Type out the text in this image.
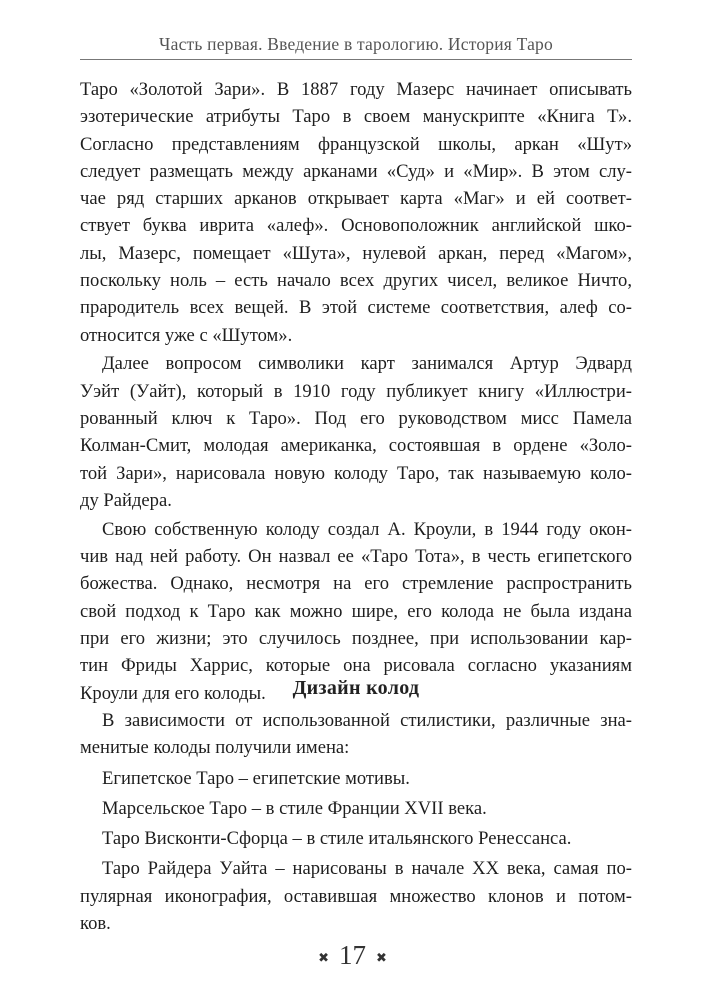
Часть первая. Введение в тарологию. История Таро
Таро «Золотой Зари». В 1887 году Мазерс начинает описывать
эзотерические атрибуты Таро в своем манускрипте «Книга Т».
Согласно представлениям французской школы, аркан «Шут»
следует размещать между арканами «Суд» и «Мир». В этом слу-
чае ряд старших арканов открывает карта «Маг» и ей соответ-
ствует буква иврита «алеф». Основоположник английской шко-
лы, Мазерс, помещает «Шута», нулевой аркан, перед «Магом»,
поскольку ноль – есть начало всех других чисел, великое Ничто,
прародитель всех вещей. В этой системе соответствия, алеф со-
относится уже с «Шутом».
Далее вопросом символики карт занимался Артур Эдвард
Уэйт (Уайт), который в 1910 году публикует книгу «Иллюстри-
рованный ключ к Таро». Под его руководством мисс Памела
Колман-Смит, молодая американка, состоявшая в ордене «Золо-
той Зари», нарисовала новую колоду Таро, так называемую коло-
ду Райдера.
Свою собственную колоду создал А. Кроули, в 1944 году окон-
чив над ней работу. Он назвал ее «Таро Тота», в честь египетского
божества. Однако, несмотря на его стремление распространить
свой подход к Таро как можно шире, его колода не была издана
при его жизни; это случилось позднее, при использовании кар-
тин Фриды Харрис, которые она рисовала согласно указаниям
Кроули для его колоды.	Дизайн колод
В зависимости от использованной стилистики, различные зна-
менитые колоды получили имена:
Египетское Таро – египетские мотивы.
Марсельское Таро – в стиле Франции XVII века.
Таро Висконти-Сфорца – в стиле итальянского Ренессанса.
Таро Райдера Уайта – нарисованы в начале XX века, самая по-
пулярная иконография, оставившая множество клонов и потом-
ков.
✖ 17 ✖
